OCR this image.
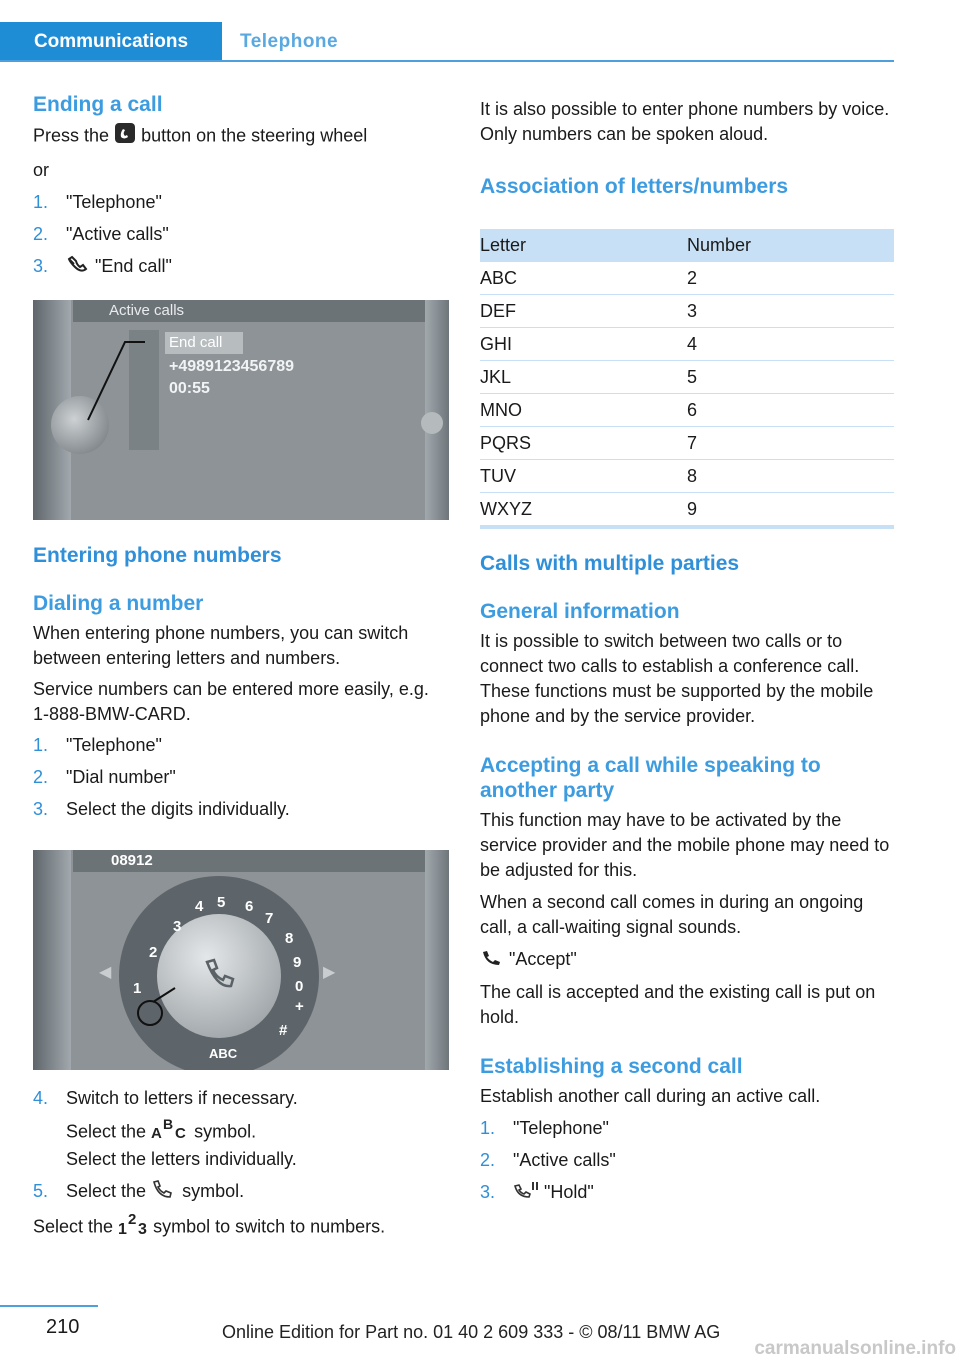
Communications	Telephone
Ending a call

Press the button on the steering wheel

or

1. "Telephone"
2. "Active calls"
3.	"End call"
Active calls
End call
+4989123456789
00:55
Entering phone numbers
Dialing a number

When entering phone numbers, you can switch between entering letters and numbers.

Service numbers can be entered more easily, e.g. 1-888-BMW-CARD.

1. "Telephone"
2. "Dial number"
3. Select the digits individually.
08912
1
2
3
4 5 6
7
8
9
0
+
#
ABC
◀	▶
4. Switch to letters if necessary.

Select the A
B
C symbol.

Select the letters individually.

5. Select the symbol.

Select the 1
2
3 symbol to switch to numbers.

It is also possible to enter phone numbers by voice. Only numbers can be spoken aloud.

Association of letters/numbers
Letter	Number
ABC	2
DEF	3
GHI	4
JKL	5
MNO	6
PQRS	7
TUV	8
WXYZ	9
Calls with multiple parties
General information

It is possible to switch between two calls or to connect two calls to establish a conference call. These functions must be supported by the mobile phone and by the service provider.

Accepting a call while speaking to another party

This function may have to be activated by the service provider and the mobile phone may need to be adjusted for this.

When a second call comes in during an ongoing call, a call-waiting signal sounds.

"Accept"

The call is accepted and the existing call is put on hold.

Establishing a second call

Establish another call during an active call.

1. "Telephone"
2. "Active calls"
3.	"Hold"
210	Online Edition for Part no. 01 40 2 609 333 - © 08/11 BMW AG
carmanualsonline.info
